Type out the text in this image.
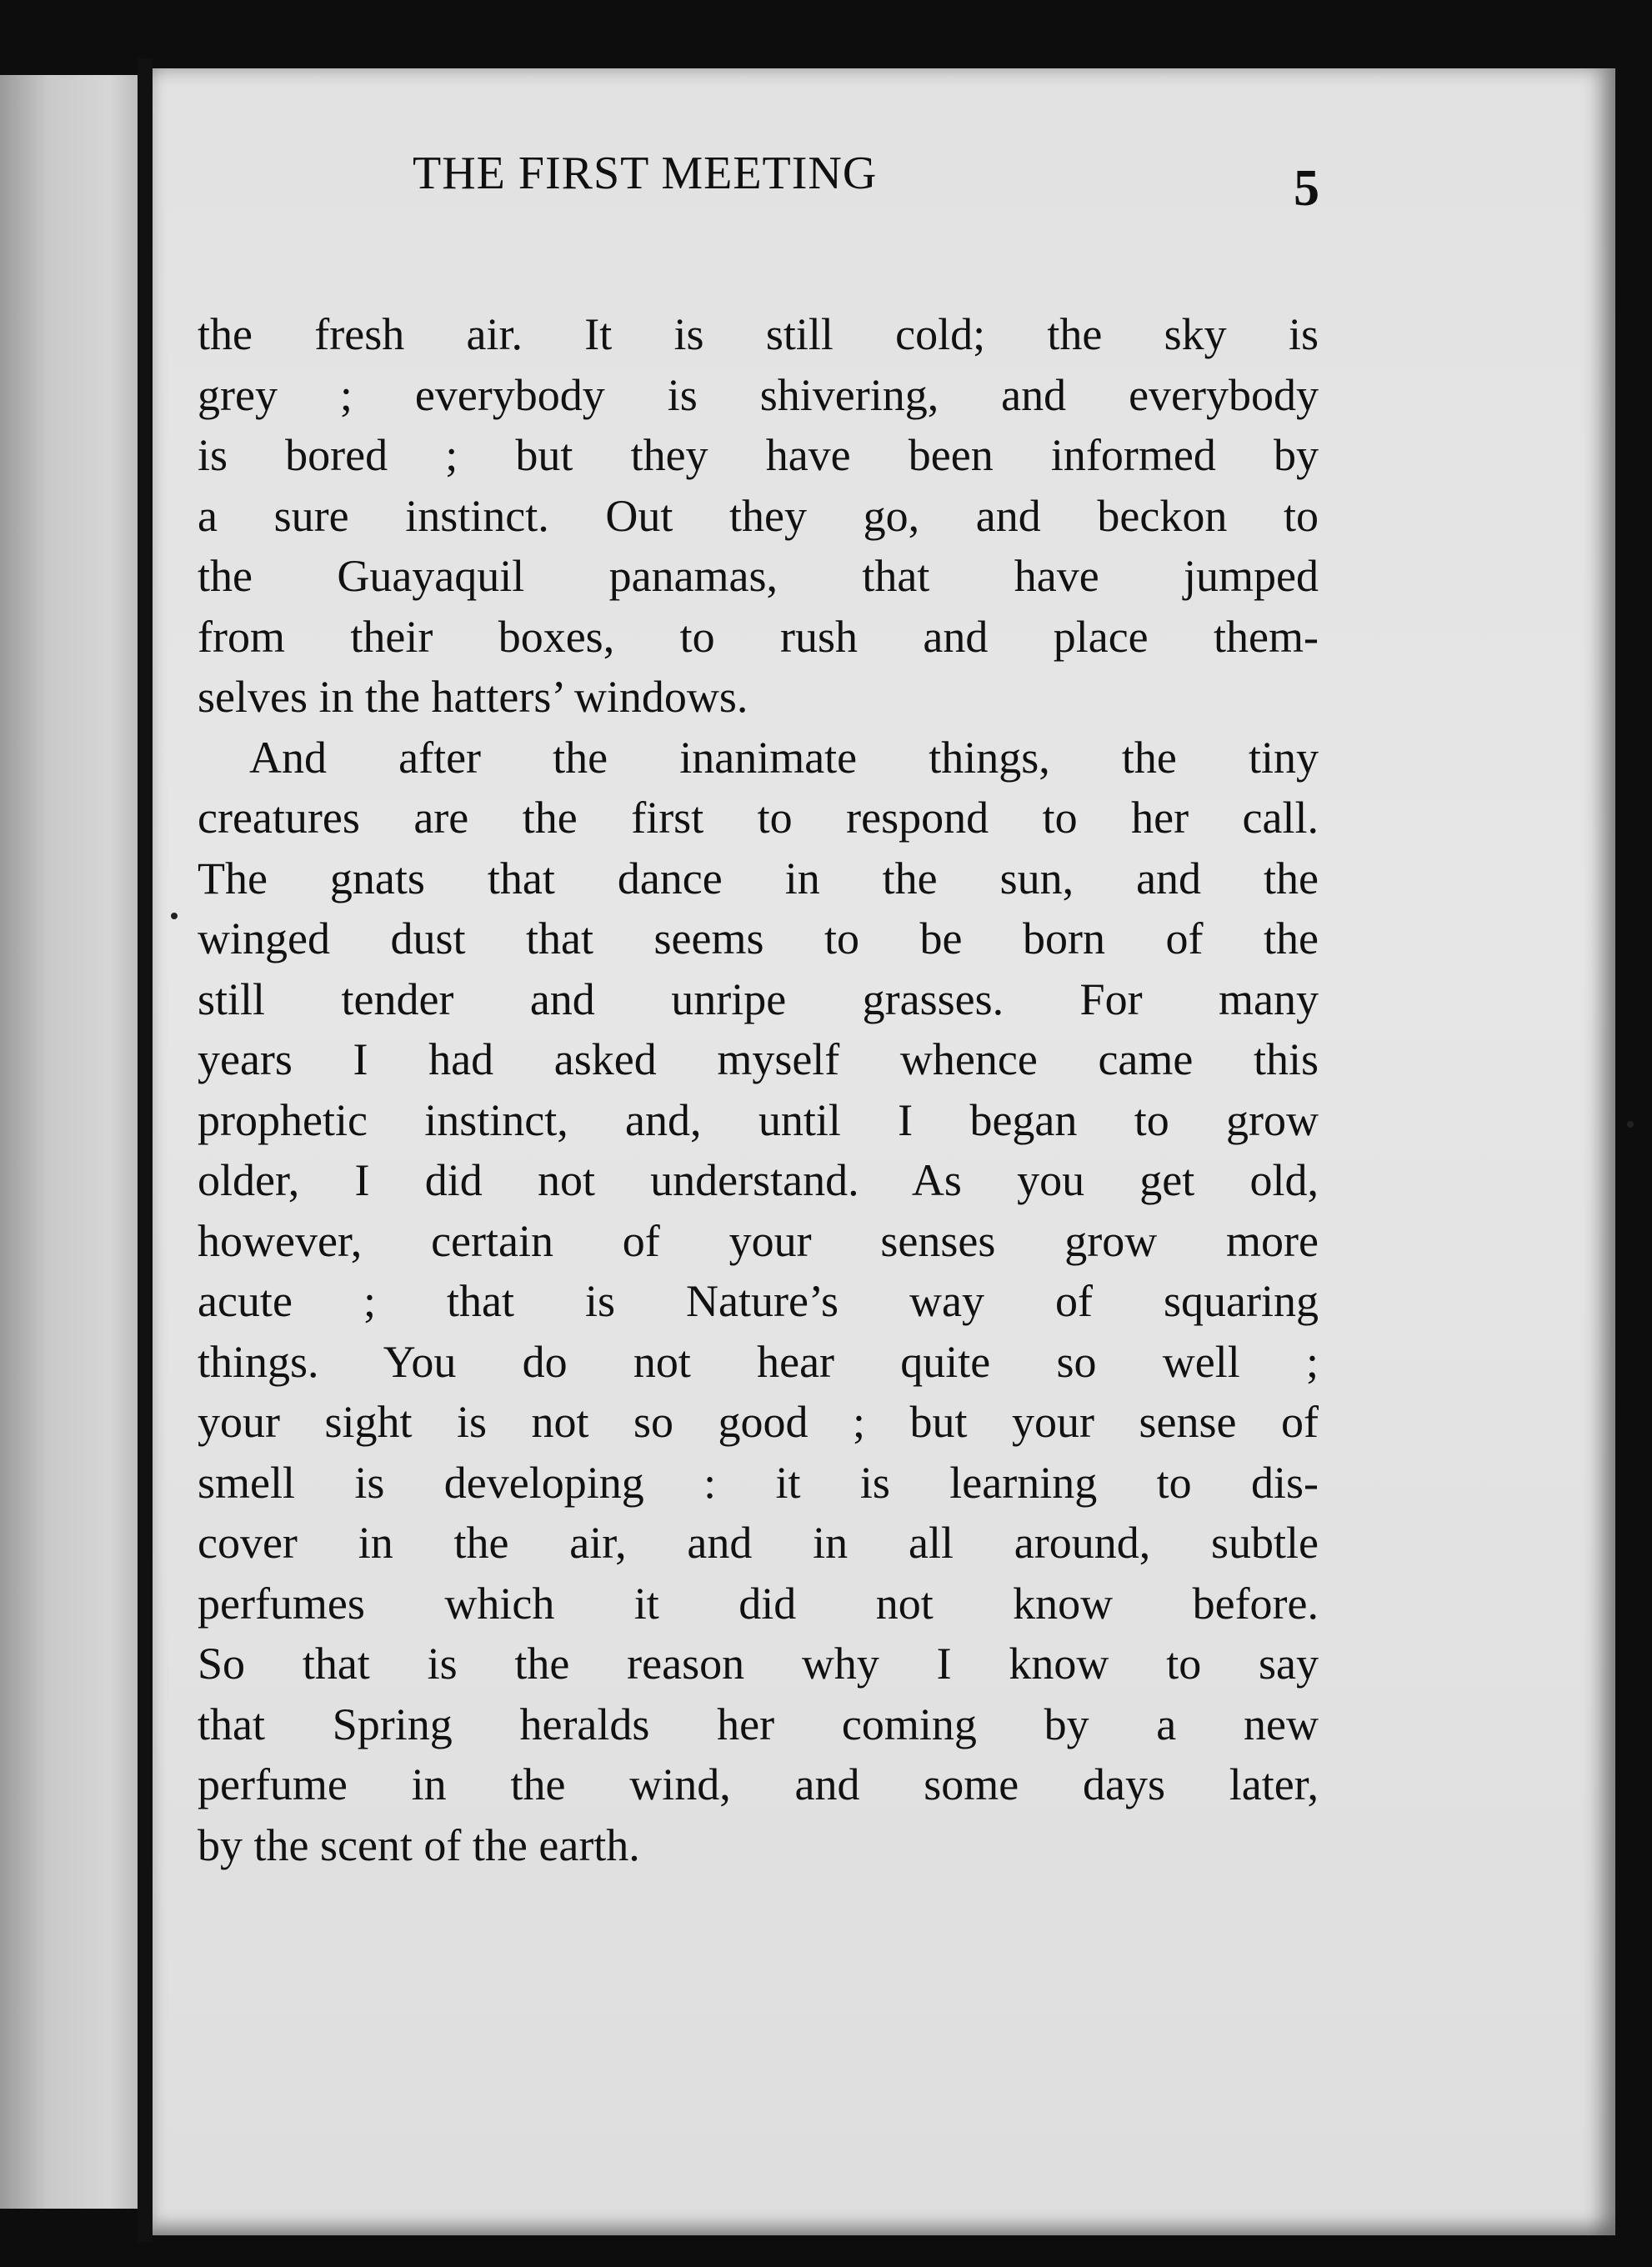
THE FIRST MEETING	5

the fresh air. It is still cold; the sky is

grey ; everybody is shivering, and everybody

is bored ; but they have been informed by

a sure instinct. Out they go, and beckon to

the Guayaquil panamas, that have jumped

from their boxes, to rush and place them-

selves in the hatters’ windows.

And after the inanimate things, the tiny

creatures are the first to respond to her call.

The gnats that dance in the sun, and the

winged dust that seems to be born of the

still tender and unripe grasses. For many

years I had asked myself whence came this

prophetic instinct, and, until I began to grow

older, I did not understand. As you get old,

however, certain of your senses grow more

acute ; that is Nature’s way of squaring

things. You do not hear quite so well ;

your sight is not so good ; but your sense of

smell is developing : it is learning to dis-

cover in the air, and in all around, subtle

perfumes which it did not know before.

So that is the reason why I know to say

that Spring heralds her coming by a new

perfume in the wind, and some days later,

by the scent of the earth.
